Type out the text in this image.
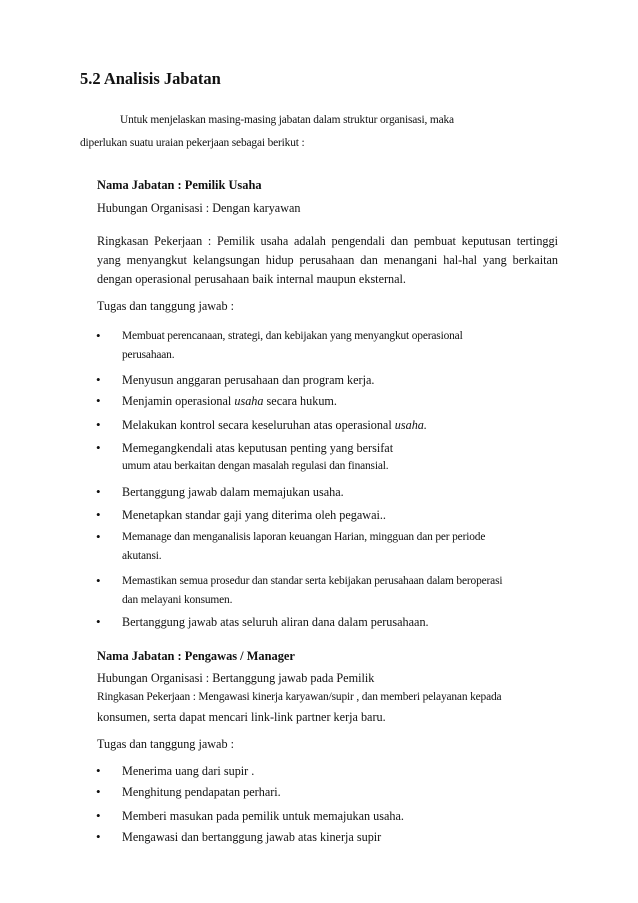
5.2 Analisis Jabatan
Untuk menjelaskan masing-masing jabatan dalam struktur organisasi, maka
diperlukan suatu uraian pekerjaan sebagai berikut :
Nama Jabatan : Pemilik Usaha
Hubungan Organisasi : Dengan karyawan
Ringkasan Pekerjaan : Pemilik usaha adalah pengendali dan pembuat keputusan tertinggi
yang menyangkut kelangsungan hidup perusahaan dan menangani hal-hal yang berkaitan
dengan operasional perusahaan baik internal maupun eksternal.
Tugas dan tanggung jawab :
• Membuat perencanaan, strategi, dan kebijakan yang menyangkut operasional
perusahaan.
• Menyusun anggaran perusahaan dan program kerja.
• Menjamin operasional usaha secara hukum.
• Melakukan kontrol secara keseluruhan atas operasional usaha.
• Memegangkendali atas keputusan penting yang bersifat
umum atau berkaitan dengan masalah regulasi dan finansial.
• Bertanggung jawab dalam memajukan usaha.
• Menetapkan standar gaji yang diterima oleh pegawai..
• Memanage dan menganalisis laporan keuangan Harian, mingguan dan per periode
akutansi.
• Memastikan semua prosedur dan standar serta kebijakan perusahaan dalam beroperasi
dan melayani konsumen.
• Bertanggung jawab atas seluruh aliran dana dalam perusahaan.
Nama Jabatan : Pengawas / Manager
Hubungan Organisasi : Bertanggung jawab pada Pemilik
Ringkasan Pekerjaan : Mengawasi kinerja karyawan/supir , dan memberi pelayanan kepada
konsumen, serta dapat mencari link-link partner kerja baru.
Tugas dan tanggung jawab :
• Menerima uang dari supir .
• Menghitung pendapatan perhari.
• Memberi masukan pada pemilik untuk memajukan usaha.
• Mengawasi dan bertanggung jawab atas kinerja supir
